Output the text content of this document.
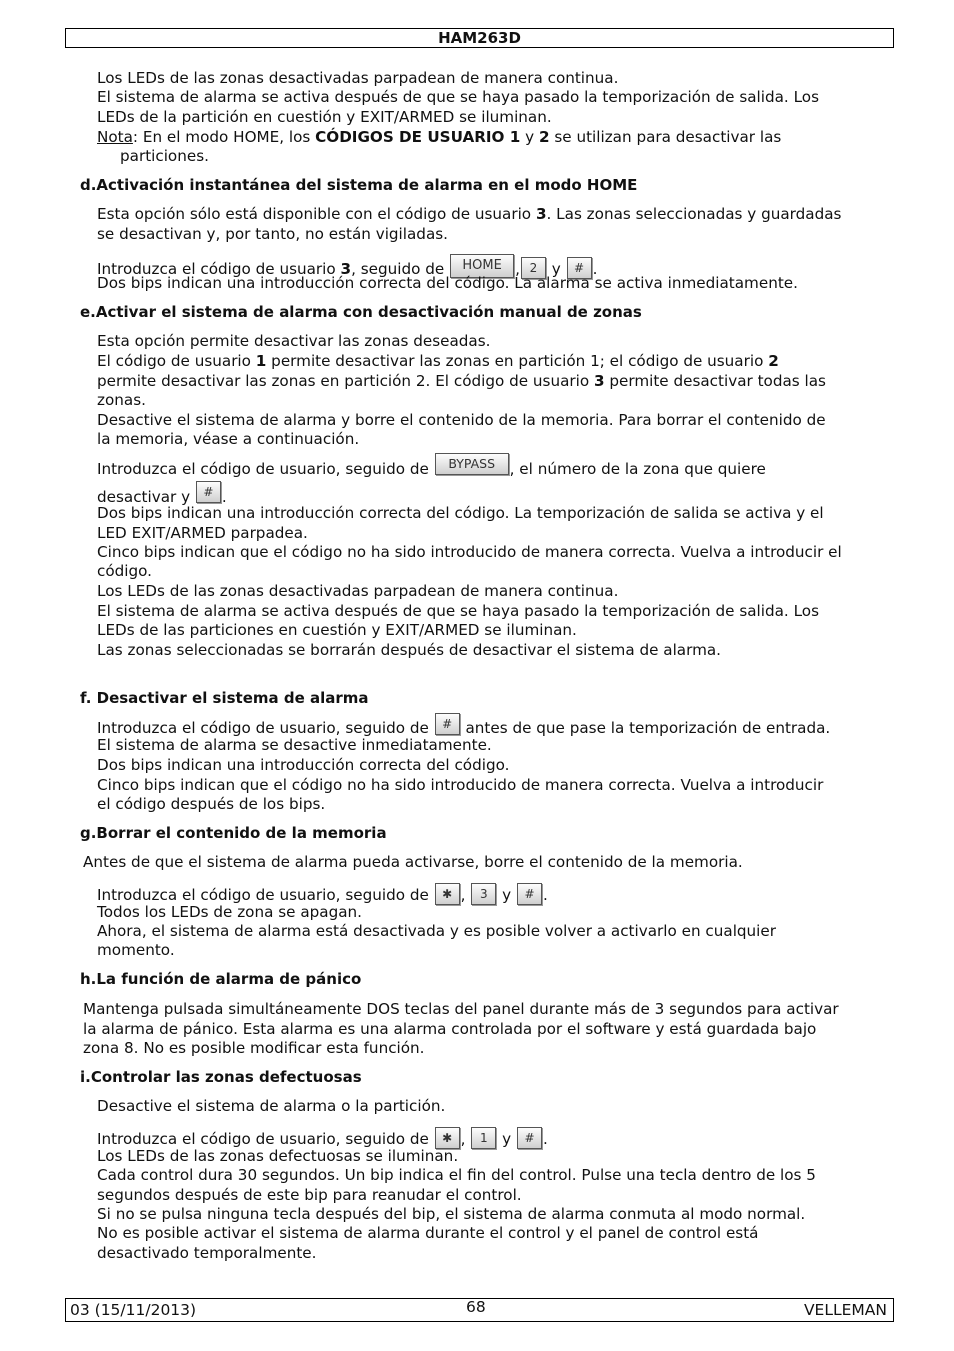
HAM263D
Los LEDs de las zonas desactivadas parpadean de manera continua.
El sistema de alarma se activa después de que se haya pasado la temporización de salida. Los
LEDs de la partición en cuestión y EXIT/ARMED se iluminan.
Nota: En el modo HOME, los CÓDIGOS DE USUARIO 1 y 2 se utilizan para desactivar las
particiones.
d.Activación instantánea del sistema de alarma en el modo HOME
Esta opción sólo está disponible con el código de usuario 3. Las zonas seleccionadas y guardadas
se desactivan y, por tanto, no están vigiladas.
Introduzca el código de usuario 3, seguido de HOME , 2 y # .
Dos bips indican una introducción correcta del código. La alarma se activa inmediatamente.
e.Activar el sistema de alarma con desactivación manual de zonas
Esta opción permite desactivar las zonas deseadas.
El código de usuario 1 permite desactivar las zonas en partición 1; el código de usuario 2
permite desactivar las zonas en partición 2. El código de usuario 3 permite desactivar todas las
zonas.
Desactive el sistema de alarma y borre el contenido de la memoria. Para borrar el contenido de
la memoria, véase a continuación.
Introduzca el código de usuario, seguido de BYPASS , el número de la zona que quiere
desactivar y # .
Dos bips indican una introducción correcta del código. La temporización de salida se activa y el
LED EXIT/ARMED parpadea.
Cinco bips indican que el código no ha sido introducido de manera correcta. Vuelva a introducir el
código.
Los LEDs de las zonas desactivadas parpadean de manera continua.
El sistema de alarma se activa después de que se haya pasado la temporización de salida. Los
LEDs de las particiones en cuestión y EXIT/ARMED se iluminan.
Las zonas seleccionadas se borrarán después de desactivar el sistema de alarma.
f. Desactivar el sistema de alarma
Introduzca el código de usuario, seguido de # antes de que pase la temporización de entrada.
El sistema de alarma se desactive inmediatamente.
Dos bips indican una introducción correcta del código.
Cinco bips indican que el código no ha sido introducido de manera correcta. Vuelva a introducir
el código después de los bips.
g.Borrar el contenido de la memoria
Antes de que el sistema de alarma pueda activarse, borre el contenido de la memoria.
Introduzca el código de usuario, seguido de ✱ , 3 y # .
Todos los LEDs de zona se apagan.
Ahora, el sistema de alarma está desactivada y es posible volver a activarlo en cualquier
momento.
h.La función de alarma de pánico
Mantenga pulsada simultáneamente DOS teclas del panel durante más de 3 segundos para activar
la alarma de pánico. Esta alarma es una alarma controlada por el software y está guardada bajo
zona 8. No es posible modificar esta función.
i.Controlar las zonas defectuosas
Desactive el sistema de alarma o la partición.
Introduzca el código de usuario, seguido de ✱ , 1 y # .
Los LEDs de las zonas defectuosas se iluminan.
Cada control dura 30 segundos. Un bip indica el fin del control. Pulse una tecla dentro de los 5
segundos después de este bip para reanudar el control.
Si no se pulsa ninguna tecla después del bip, el sistema de alarma conmuta al modo normal.
No es posible activar el sistema de alarma durante el control y el panel de control está
desactivado temporalmente.
03 (15/11/2013)	68	VELLEMAN
